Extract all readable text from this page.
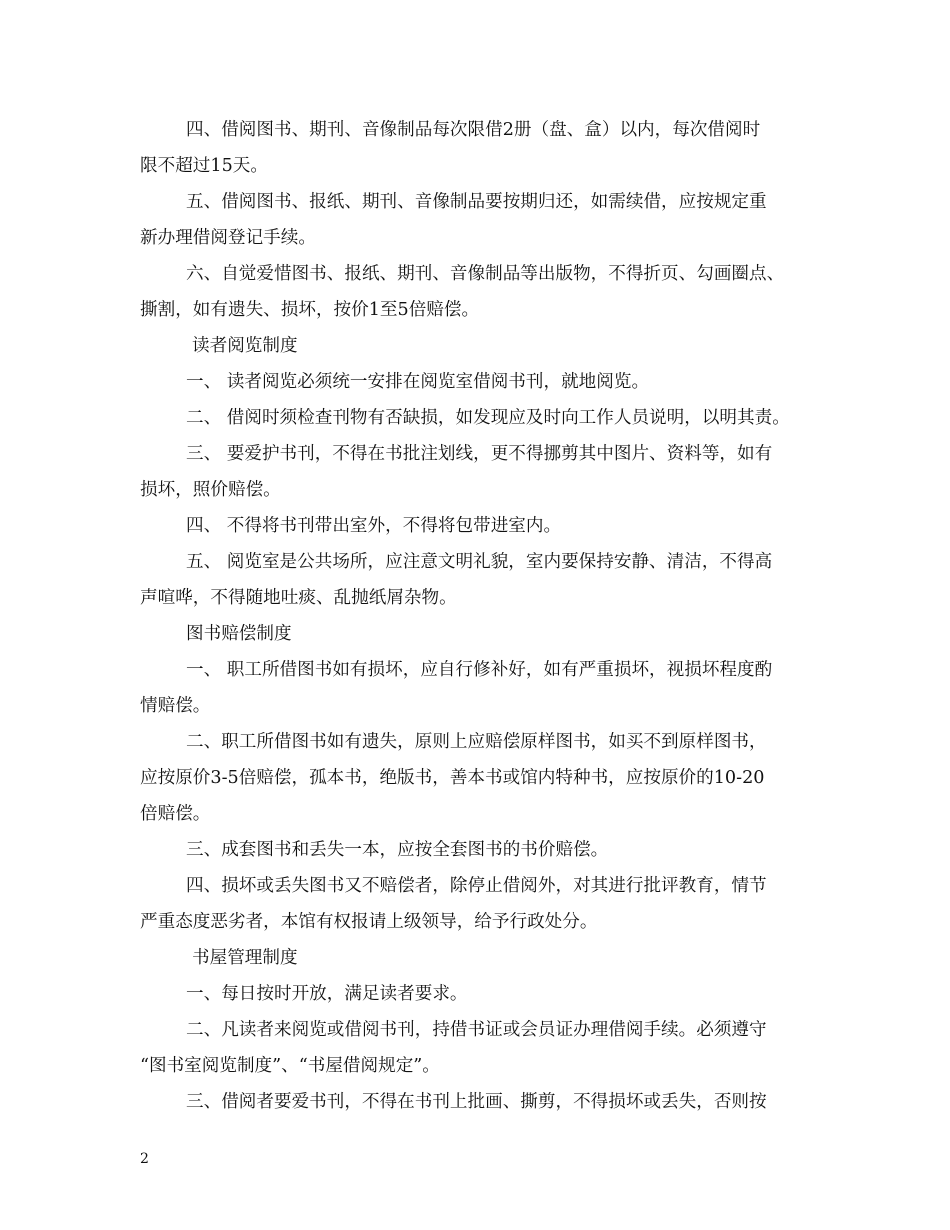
四、借阅图书、期刊、音像制品每次限借2册（盘、盒）以内，每次借阅时
限不超过15天。
五、借阅图书、报纸、期刊、音像制品要按期归还，如需续借，应按规定重
新办理借阅登记手续。
六、自觉爱惜图书、报纸、期刊、音像制品等出版物，不得折页、勾画圈点、
撕割，如有遗失、损坏，按价1至5倍赔偿。
读者阅览制度
一、 读者阅览必须统一安排在阅览室借阅书刊，就地阅览。
二、 借阅时须检查刊物有否缺损，如发现应及时向工作人员说明，以明其责。
三、 要爱护书刊，不得在书批注划线，更不得挪剪其中图片、资料等，如有
损坏，照价赔偿。
四、 不得将书刊带出室外，不得将包带进室内。
五、 阅览室是公共场所，应注意文明礼貌，室内要保持安静、清洁，不得高
声喧哗，不得随地吐痰、乱抛纸屑杂物。
图书赔偿制度
一、 职工所借图书如有损坏，应自行修补好，如有严重损坏，视损坏程度酌
情赔偿。
二、职工所借图书如有遗失，原则上应赔偿原样图书，如买不到原样图书，
应按原价3-5倍赔偿，孤本书，绝版书，善本书或馆内特种书，应按原价的10-20
倍赔偿。
三、成套图书和丢失一本，应按全套图书的书价赔偿。
四、损坏或丢失图书又不赔偿者，除停止借阅外，对其进行批评教育，情节
严重态度恶劣者，本馆有权报请上级领导，给予行政处分。
书屋管理制度
一、每日按时开放，满足读者要求。
二、凡读者来阅览或借阅书刊，持借书证或会员证办理借阅手续。必须遵守
“图书室阅览制度”、“书屋借阅规定”。
三、借阅者要爱书刊，不得在书刊上批画、撕剪，不得损坏或丢失，否则按
2
